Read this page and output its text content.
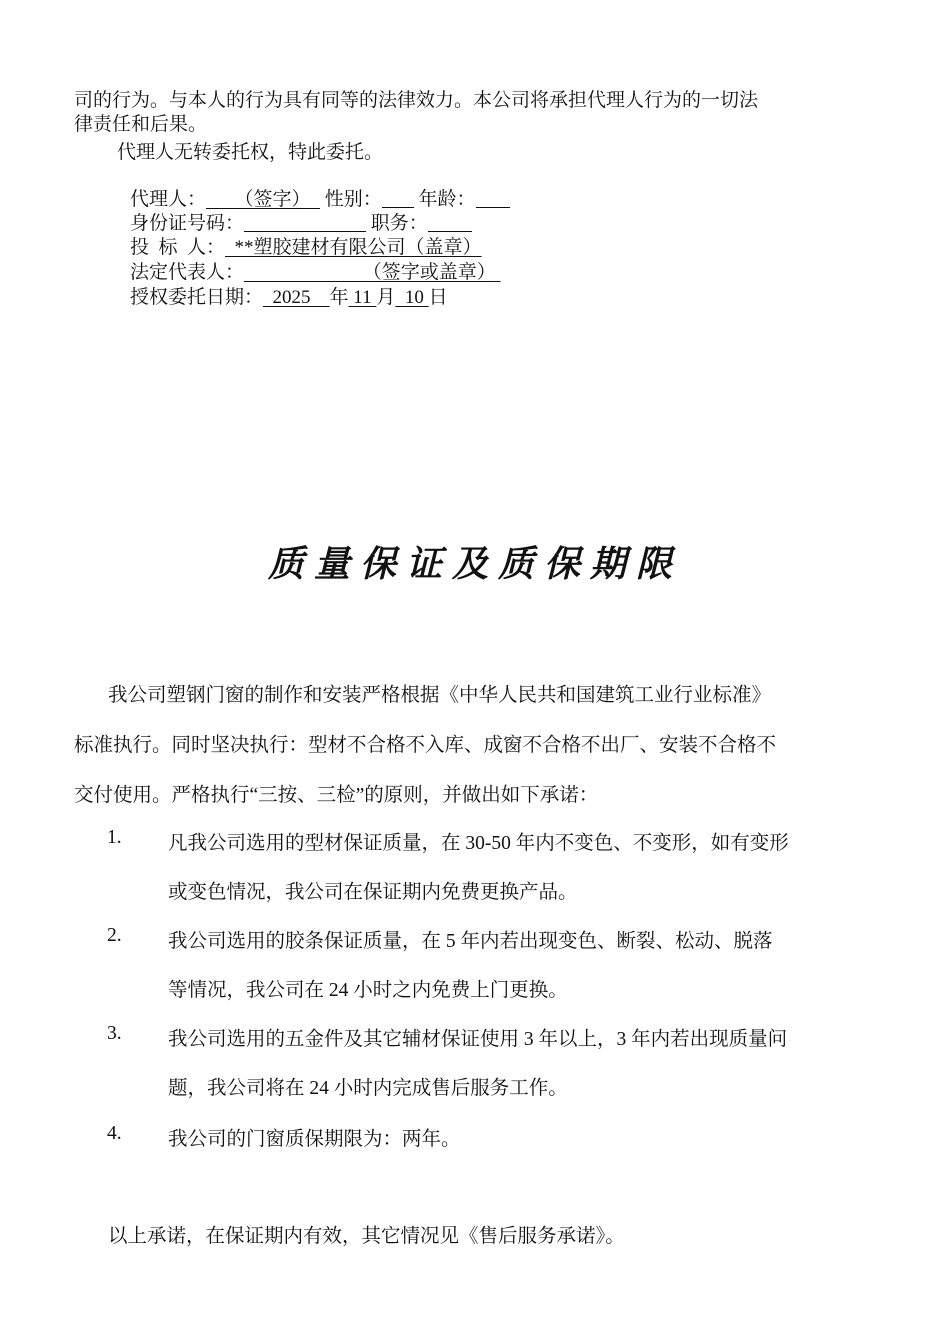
司的行为。与本人的行为具有同等的法律效力。本公司将承担代理人行为的一切法
律责任和后果。
代理人无转委托权，特此委托。
代理人： （签字） 性别： 年龄：
身份证号码：	职务：
投  标  人： **塑胶建材有限公司（盖章）
法定代表人：	（签字或盖章）
授权委托日期： 2025 年 11 月 10 日
质量保证及质保期限
我公司塑钢门窗的制作和安装严格根据《中华人民共和国建筑工业行业标准》
标准执行。同时坚决执行：型材不合格不入库、成窗不合格不出厂、安装不合格不
交付使用。严格执行“三按、三检”的原则，并做出如下承诺：
1. 凡我公司选用的型材保证质量，在 30-50 年内不变色、不变形，如有变形
或变色情况，我公司在保证期内免费更换产品。
2. 我公司选用的胶条保证质量，在 5 年内若出现变色、断裂、松动、脱落
等情况，我公司在 24 小时之内免费上门更换。
3. 我公司选用的五金件及其它辅材保证使用 3 年以上，3 年内若出现质量问
题，我公司将在 24 小时内完成售后服务工作。
4. 我公司的门窗质保期限为：两年。
以上承诺，在保证期内有效，其它情况见《售后服务承诺》。
